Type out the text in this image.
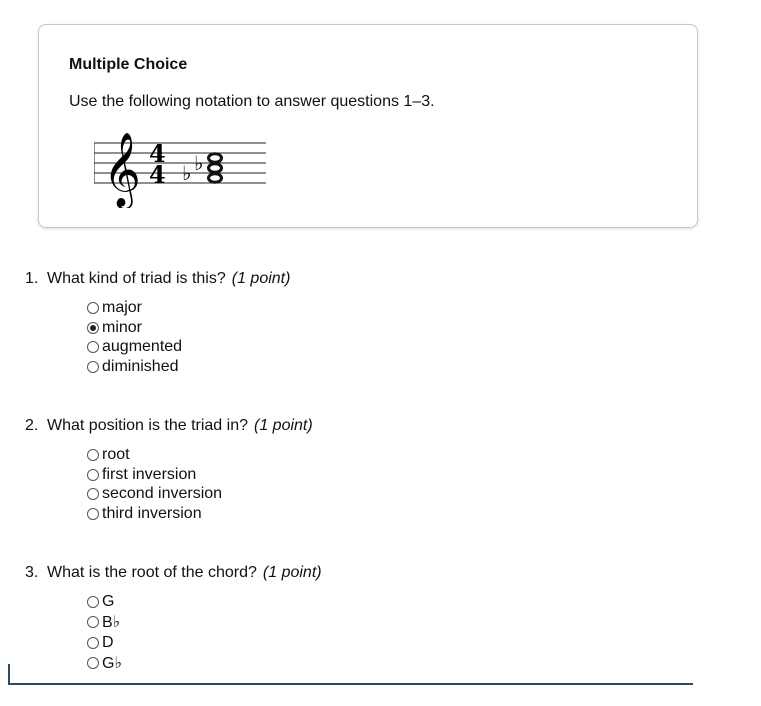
Multiple Choice
Use the following notation to answer questions 1–3.
𝄞 4
4 ♭ ♭
1. What kind of triad is this? (1 point)
major
minor
augmented
diminished
2. What position is the triad in? (1 point)
root
first inversion
second inversion
third inversion
3. What is the root of the chord? (1 point)
G
B♭
D
G♭
